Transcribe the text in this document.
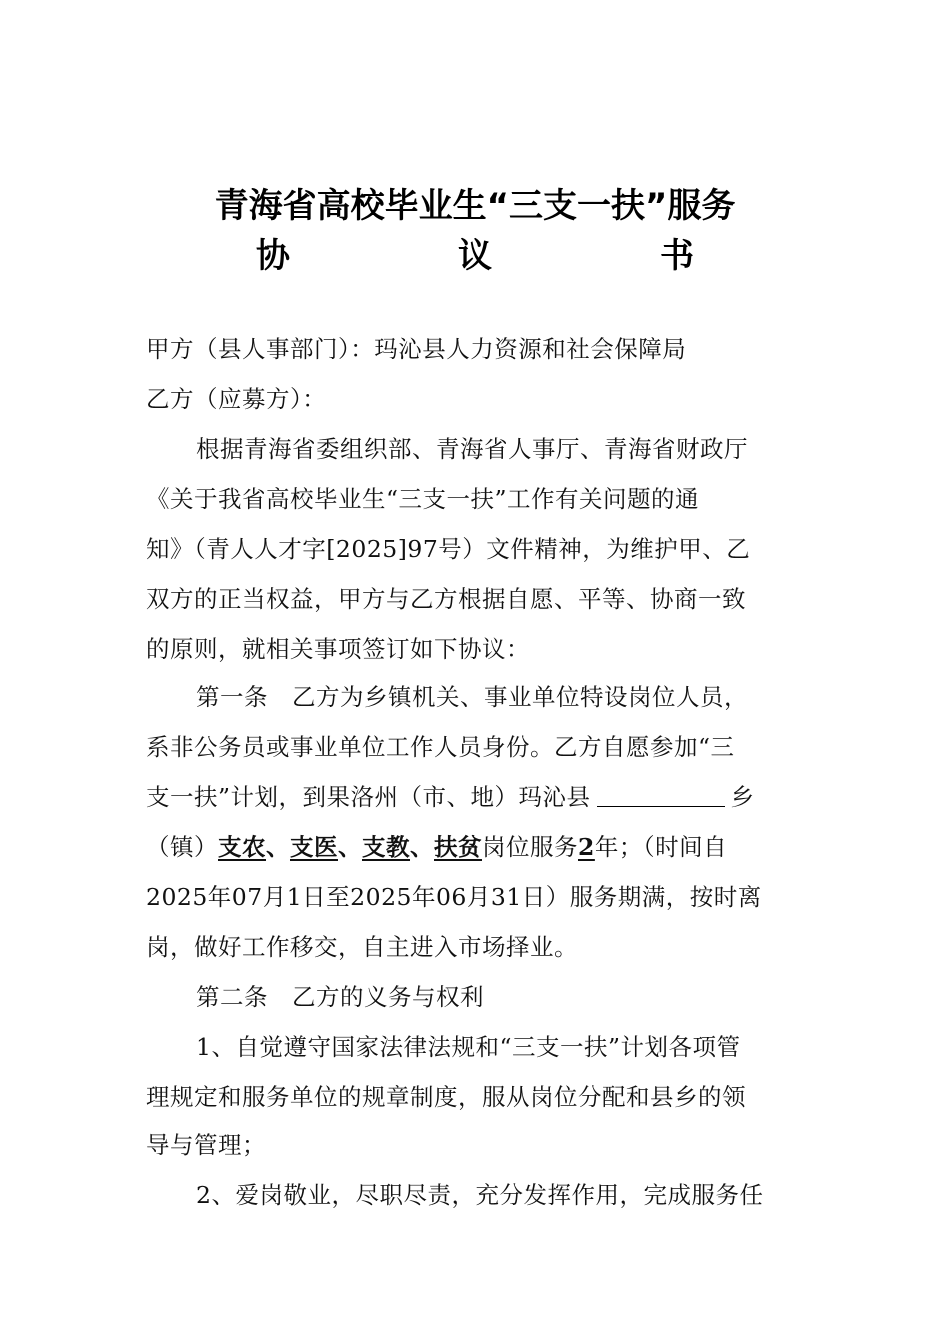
青海省高校毕业生“三支一扶”服务
协	议	书
甲方（县人事部门）：玛沁县人力资源和社会保障局
乙方（应募方）：
根据青海省委组织部、青海省人事厅、青海省财政厅
《关于我省高校毕业生“三支一扶”工作有关问题的通
知》（青人人才字[2025]97号）文件精神，为维护甲、乙
双方的正当权益，甲方与乙方根据自愿、平等、协商一致
的原则，就相关事项签订如下协议：
第一条 乙方为乡镇机关、事业单位特设岗位人员，
系非公务员或事业单位工作人员身份。乙方自愿参加“三
支一扶”计划，到果洛州（市、地）玛沁县	乡
（镇）支农、支医、支教、扶贫岗位服务2年；（时间自
2025年07月1日至2025年06月31日）服务期满，按时离
岗，做好工作移交，自主进入市场择业。
第二条 乙方的义务与权利
1、自觉遵守国家法律法规和“三支一扶”计划各项管
理规定和服务单位的规章制度，服从岗位分配和县乡的领
导与管理；
2、爱岗敬业，尽职尽责，充分发挥作用，完成服务任
